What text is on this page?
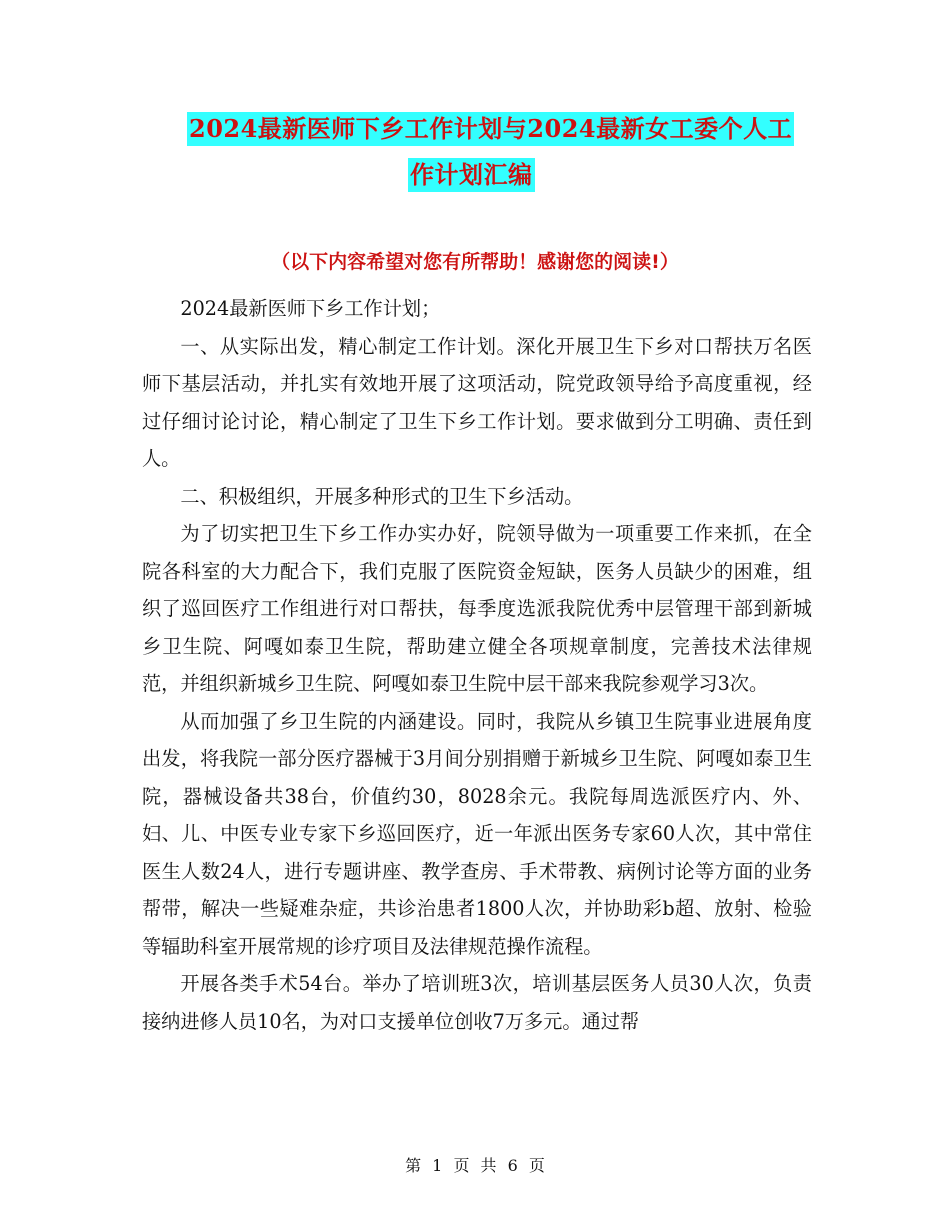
2024最新医师下乡工作计划与2024最新女工委个人工
作计划汇编
（以下内容希望对您有所帮助！感谢您的阅读!）

2024最新医师下乡工作计划；

一、从实际出发，精心制定工作计划。深化开展卫生下乡对口帮扶万名医师下基层活动，并扎实有效地开展了这项活动，院党政领导给予高度重视，经过仔细讨论讨论，精心制定了卫生下乡工作计划。要求做到分工明确、责任到人。

二、积极组织，开展多种形式的卫生下乡活动。

为了切实把卫生下乡工作办实办好，院领导做为一项重要工作来抓，在全院各科室的大力配合下，我们克服了医院资金短缺，医务人员缺少的困难，组织了巡回医疗工作组进行对口帮扶，每季度选派我院优秀中层管理干部到新城乡卫生院、阿嘎如泰卫生院，帮助建立健全各项规章制度，完善技术法律规范，并组织新城乡卫生院、阿嘎如泰卫生院中层干部来我院参观学习3次。

从而加强了乡卫生院的内涵建设。同时，我院从乡镇卫生院事业进展角度出发，将我院一部分医疗器械于3月间分别捐赠于新城乡卫生院、阿嘎如泰卫生院，器械设备共38台，价值约30，8028余元。我院每周选派医疗内、外、妇、儿、中医专业专家下乡巡回医疗，近一年派出医务专家60人次，其中常住医生人数24人，进行专题讲座、教学查房、手术带教、病例讨论等方面的业务帮带，解决一些疑难杂症，共诊治患者1800人次，并协助彩b超、放射、检验等辐助科室开展常规的诊疗项目及法律规范操作流程。

开展各类手术54台。举办了培训班3次，培训基层医务人员30人次，负责接纳进修人员10名，为对口支援单位创收7万多元。通过帮

第 1 页 共 6 页
